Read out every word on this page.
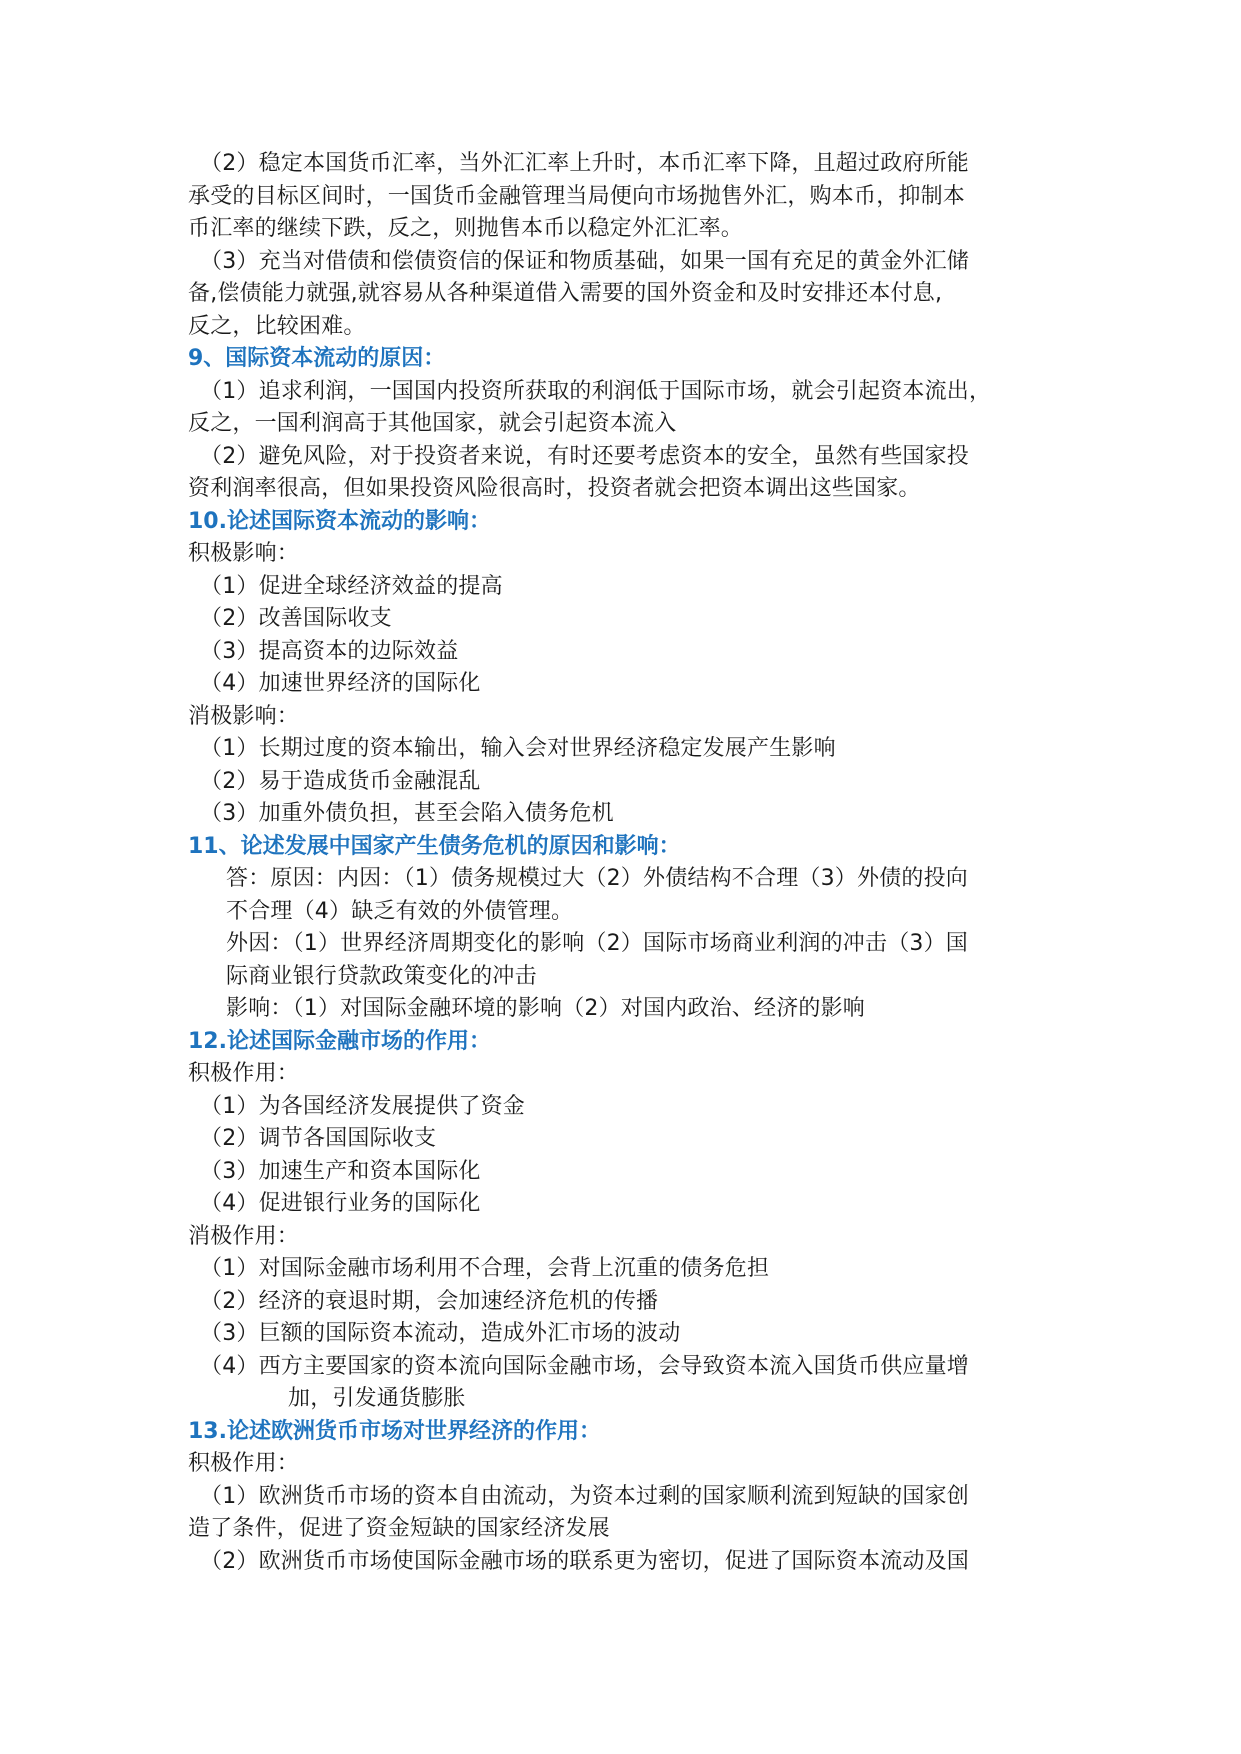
（2）稳定本国货币汇率，当外汇汇率上升时，本币汇率下降，且超过政府所能
承受的目标区间时，一国货币金融管理当局便向市场抛售外汇，购本币，抑制本
币汇率的继续下跌，反之，则抛售本币以稳定外汇汇率。
（3）充当对借债和偿债资信的保证和物质基础，如果一国有充足的黄金外汇储
备,偿债能力就强,就容易从各种渠道借入需要的国外资金和及时安排还本付息,
反之，比较困难。
9、国际资本流动的原因：
（1）追求利润，一国国内投资所获取的利润低于国际市场，就会引起资本流出，
反之，一国利润高于其他国家，就会引起资本流入
（2）避免风险，对于投资者来说，有时还要考虑资本的安全，虽然有些国家投
资利润率很高，但如果投资风险很高时，投资者就会把资本调出这些国家。
10.论述国际资本流动的影响：
积极影响：
（1）促进全球经济效益的提高
（2）改善国际收支
（3）提高资本的边际效益
（4）加速世界经济的国际化
消极影响：
（1）长期过度的资本输出，输入会对世界经济稳定发展产生影响
（2）易于造成货币金融混乱
（3）加重外债负担，甚至会陷入债务危机
11、论述发展中国家产生债务危机的原因和影响：
答：原因：内因：（1）债务规模过大（2）外债结构不合理（3）外债的投向
不合理（4）缺乏有效的外债管理。
外因：（1）世界经济周期变化的影响（2）国际市场商业利润的冲击（3）国
际商业银行贷款政策变化的冲击
影响：（1）对国际金融环境的影响（2）对国内政治、经济的影响
12.论述国际金融市场的作用：
积极作用：
（1）为各国经济发展提供了资金
（2）调节各国国际收支
（3）加速生产和资本国际化
（4）促进银行业务的国际化
消极作用：
（1）对国际金融市场利用不合理，会背上沉重的债务危担
（2）经济的衰退时期，会加速经济危机的传播
（3）巨额的国际资本流动，造成外汇市场的波动
（4）西方主要国家的资本流向国际金融市场，会导致资本流入国货币供应量增
加，引发通货膨胀
13.论述欧洲货币市场对世界经济的作用：
积极作用：
（1）欧洲货币市场的资本自由流动，为资本过剩的国家顺利流到短缺的国家创
造了条件，促进了资金短缺的国家经济发展
（2）欧洲货币市场使国际金融市场的联系更为密切，促进了国际资本流动及国
